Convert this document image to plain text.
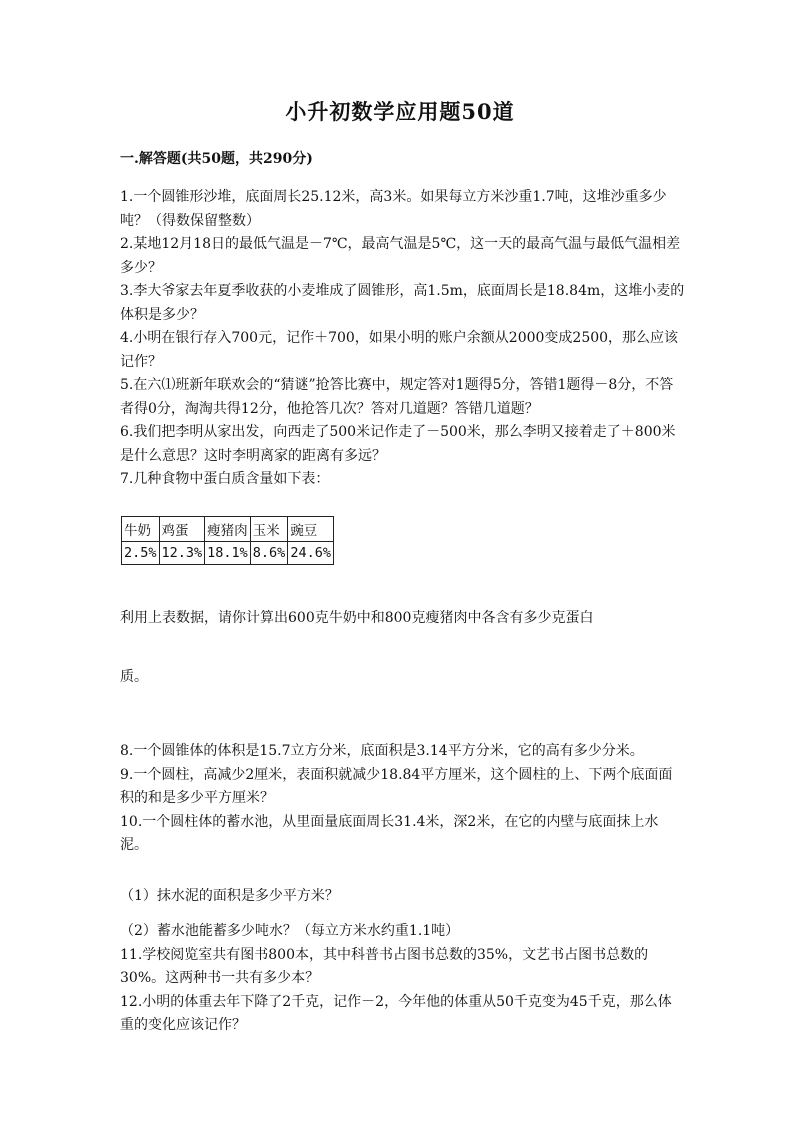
小升初数学应用题50道
一.解答题(共50题，共290分)

1.一个圆锥形沙堆，底面周长25.12米，高3米。如果每立方米沙重1.7吨，这堆沙重多少吨？（得数保留整数）

2.某地12月18日的最低气温是－7℃，最高气温是5℃，这一天的最高气温与最低气温相差多少？

3.李大爷家去年夏季收获的小麦堆成了圆锥形，高1.5m，底面周长是18.84m，这堆小麦的体积是多少？

4.小明在银行存入700元，记作＋700，如果小明的账户余额从2000变成2500，那么应该记作？

5.在六⑴班新年联欢会的“猜谜”抢答比赛中，规定答对1题得5分，答错1题得－8分，不答者得0分，淘淘共得12分，他抢答几次？答对几道题？答错几道题？

6.我们把李明从家出发，向西走了500米记作走了－500米，那么李明又接着走了＋800米是什么意思？这时李明离家的距离有多远？

7.几种食物中蛋白质含量如下表：

牛奶	鸡蛋	瘦猪肉	玉米	豌豆
2.5%	12.3%	18.1%	8.6%	24.6%
利用上表数据，请你计算出600克牛奶中和800克瘦猪肉中各含有多少克蛋白
质。

8.一个圆锥体的体积是15.7立方分米，底面积是3.14平方分米，它的高有多少分米。

9.一个圆柱，高减少2厘米，表面积就减少18.84平方厘米，这个圆柱的上、下两个底面面积的和是多少平方厘米？

10.一个圆柱体的蓄水池，从里面量底面周长31.4米，深2米，在它的内壁与底面抹上水泥。

（1）抹水泥的面积是多少平方米？

（2）蓄水池能蓄多少吨水？（每立方米水约重1.1吨）

11.学校阅览室共有图书800本，其中科普书占图书总数的35%，文艺书占图书总数的30%。这两种书一共有多少本？

12.小明的体重去年下降了2千克，记作－2，今年他的体重从50千克变为45千克，那么体重的变化应该记作？
